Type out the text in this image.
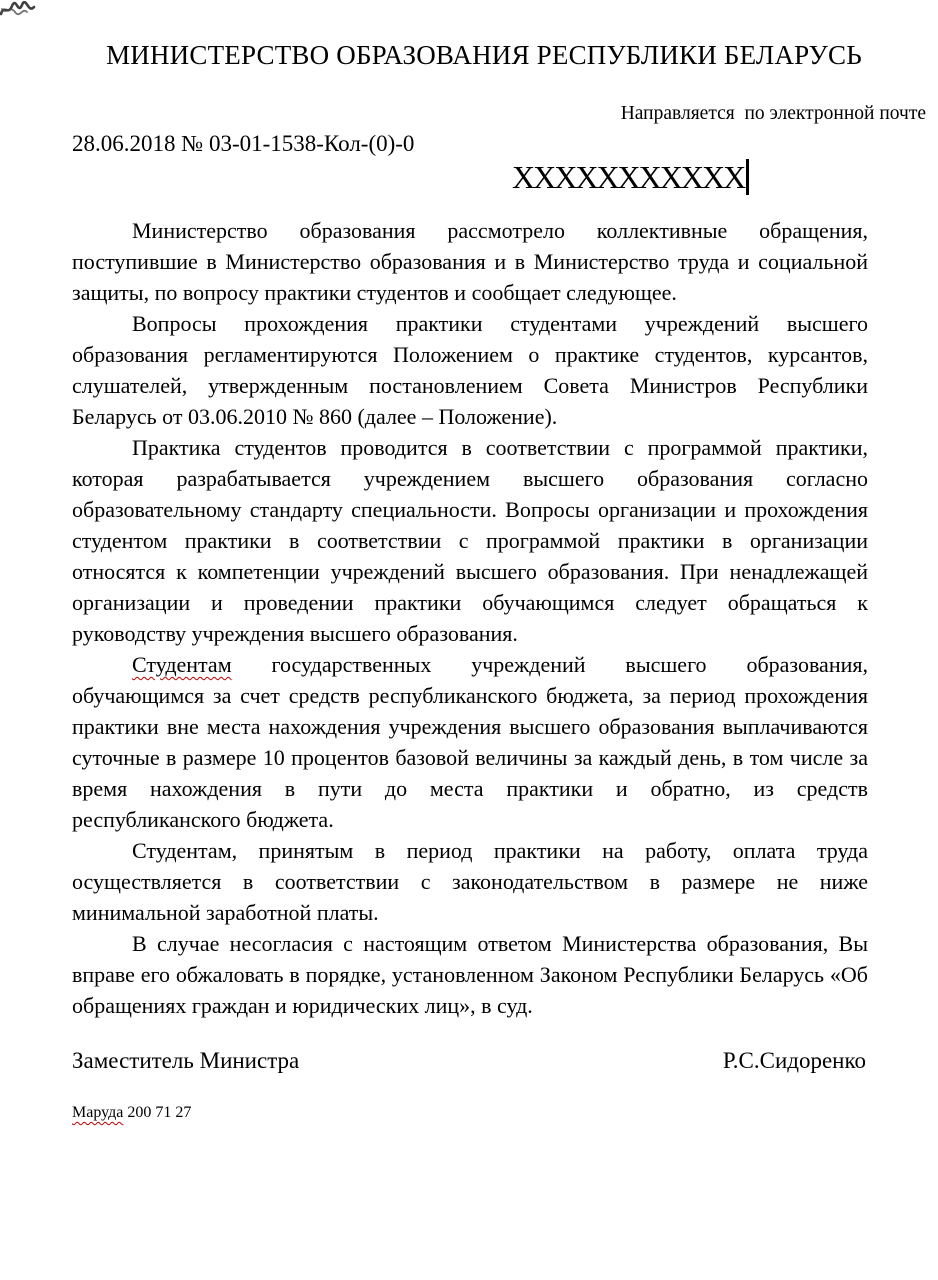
МИНИСТЕРСТВО ОБРАЗОВАНИЯ РЕСПУБЛИКИ БЕЛАРУСЬ
Направляется  по электронной почте
28.06.2018 № 03-01-1538-Кол-(0)-0
XXXXXXXXXXX

Министерство образования рассмотрело коллективные обращения, поступившие в Министерство образования и в Министерство труда и социальной защиты, по вопросу практики студентов и сообщает следующее.

Вопросы прохождения практики студентами учреждений высшего образования регламентируются Положением о практике студентов, курсантов, слушателей, утвержденным постановлением Совета Министров Республики Беларусь от 03.06.2010 № 860 (далее – Положение).

Практика студентов проводится в соответствии с программой практики, которая разрабатывается учреждением высшего образования согласно образовательному стандарту специальности. Вопросы организации и прохождения студентом практики в соответствии с программой практики в организации относятся к компетенции учреждений высшего образования. При ненадлежащей организации и проведении практики обучающимся следует обращаться к руководству учреждения высшего образования.

Студентам государственных учреждений высшего образования, обучающимся за счет средств республиканского бюджета, за период прохождения практики вне места нахождения учреждения высшего образования выплачиваются суточные в размере 10 процентов базовой величины за каждый день, в том числе за время нахождения в пути до места практики и обратно, из средств республиканского бюджета.

Студентам, принятым в период практики на работу, оплата труда осуществляется в соответствии с законодательством в размере не ниже минимальной заработной платы.

В случае несогласия с настоящим ответом Министерства образования, Вы вправе его обжаловать в порядке, установленном Законом Республики Беларусь «Об обращениях граждан и юридических лиц», в суд.

Заместитель Министра	Р.С.Сидоренко
Маруда 200 71 27
